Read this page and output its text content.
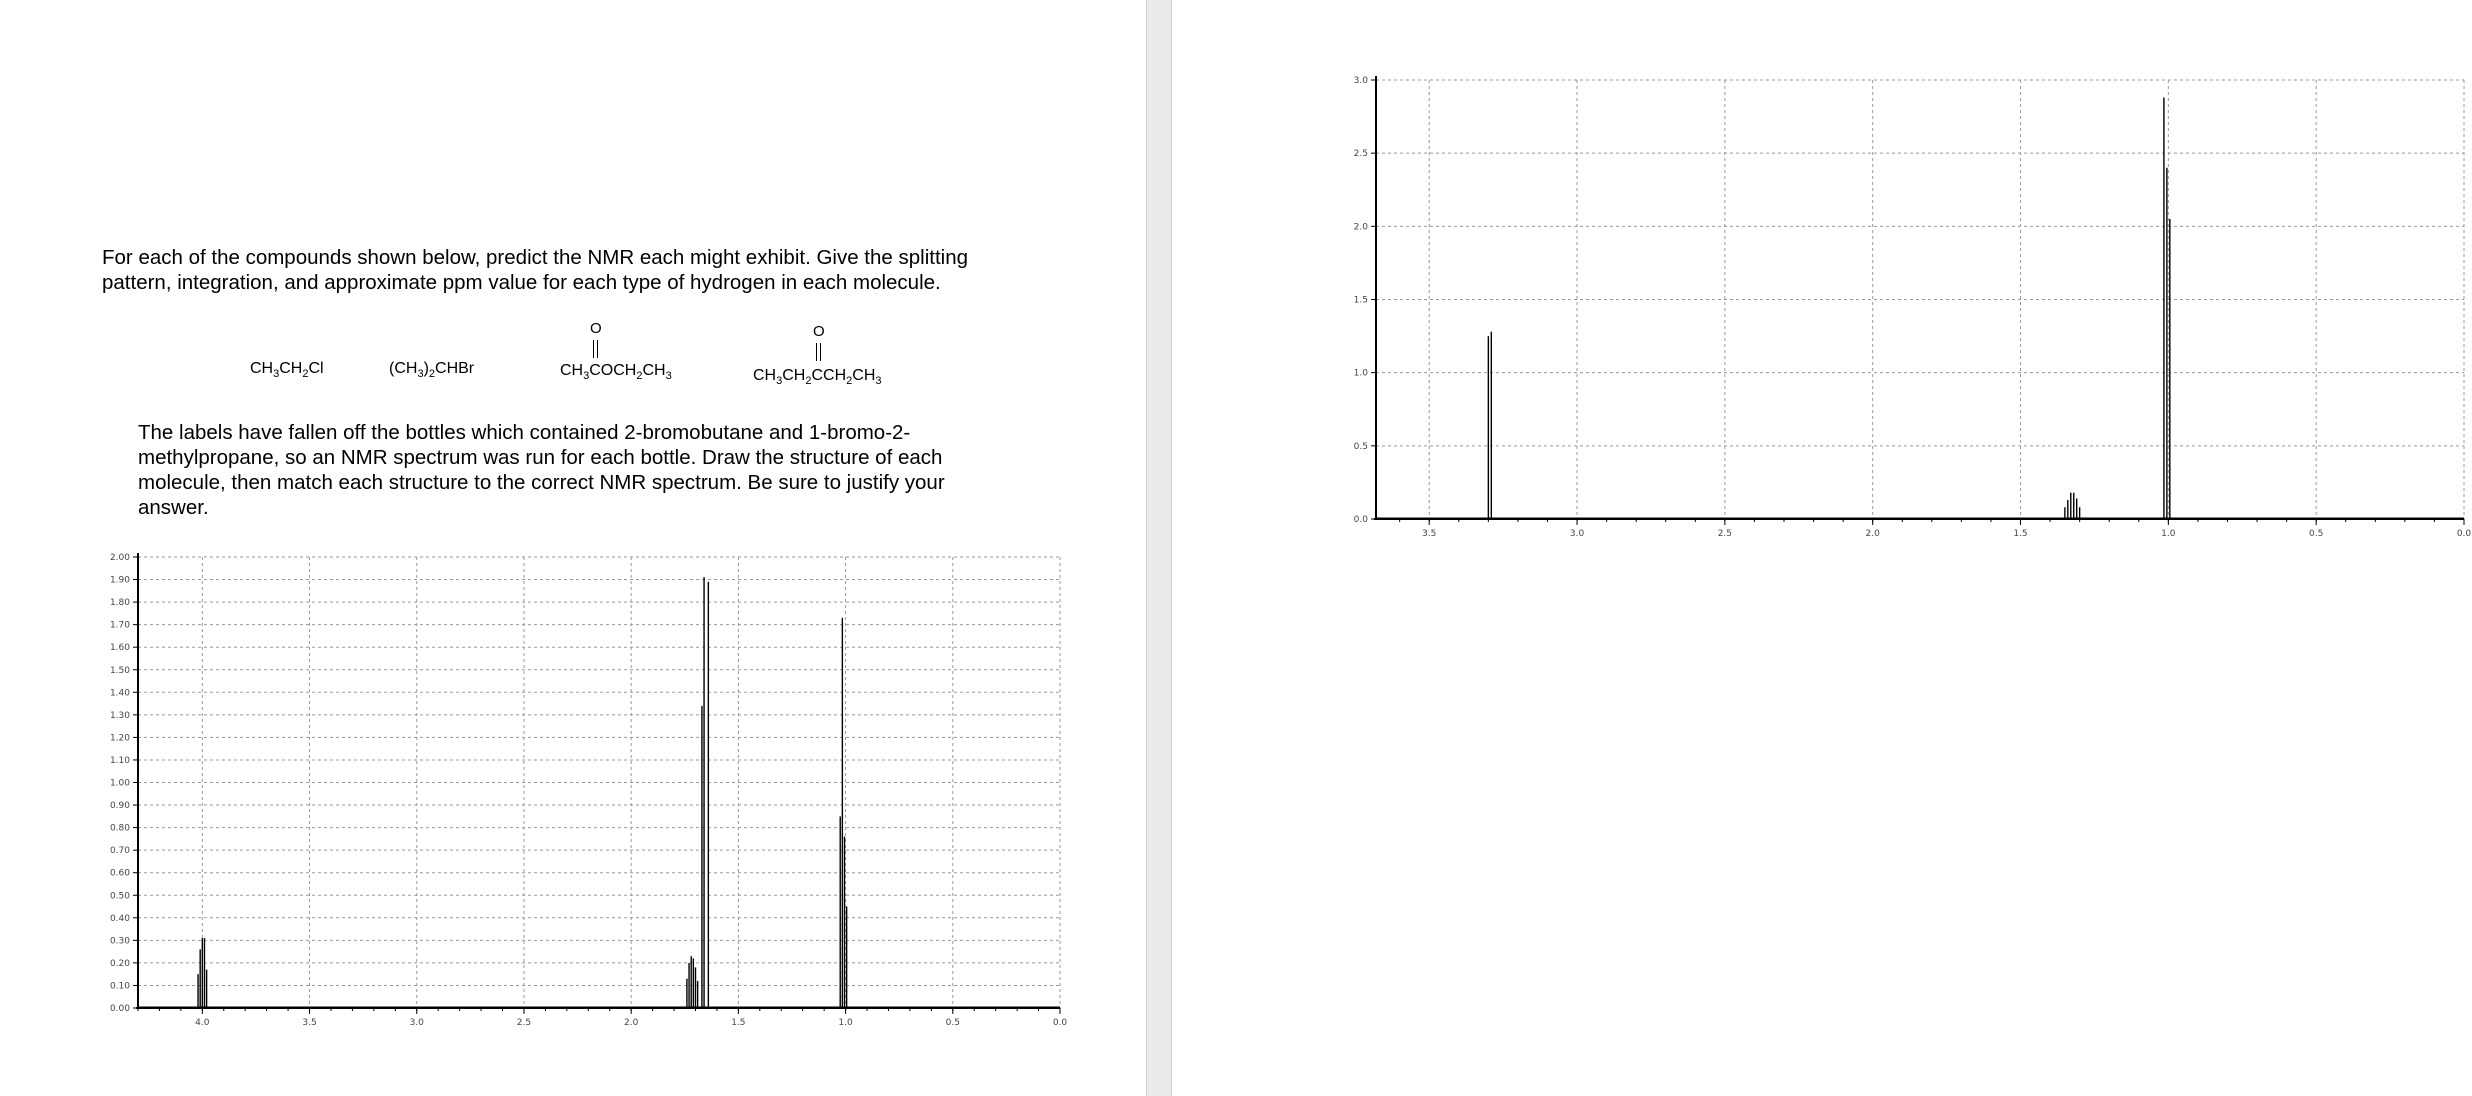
For each of the compounds shown below, predict the NMR each might exhibit. Give the splitting pattern, integration, and approximate ppm value for each type of hydrogen in each molecule.

$CH_3CH_2Cl$	$(CH_3)_2CHBr$
O
$CH_3COCH_2CH_3$
O
$CH_3CH_2CCH_2CH_3$

The labels have fallen off the bottles which contained 2-bromobutane and 1-bromo-2-methylpropane, so an NMR spectrum was run for each bottle. Draw the structure of each molecule, then match each structure to the correct NMR spectrum. Be sure to justify your answer.

0.00
0.10
0.20
0.30
0.40
0.50
0.60
0.70
0.80
0.90
1.00
1.10
1.20
1.30
1.40
1.50
1.60
1.70
1.80
1.90
2.00
4.0	3.5	3.0	2.5	2.0	1.5	1.0	0.5	0.0
0.0
0.5
1.0
1.5
2.0
2.5
3.0
3.5	3.0	2.5	2.0	1.5	1.0	0.5	0.0
